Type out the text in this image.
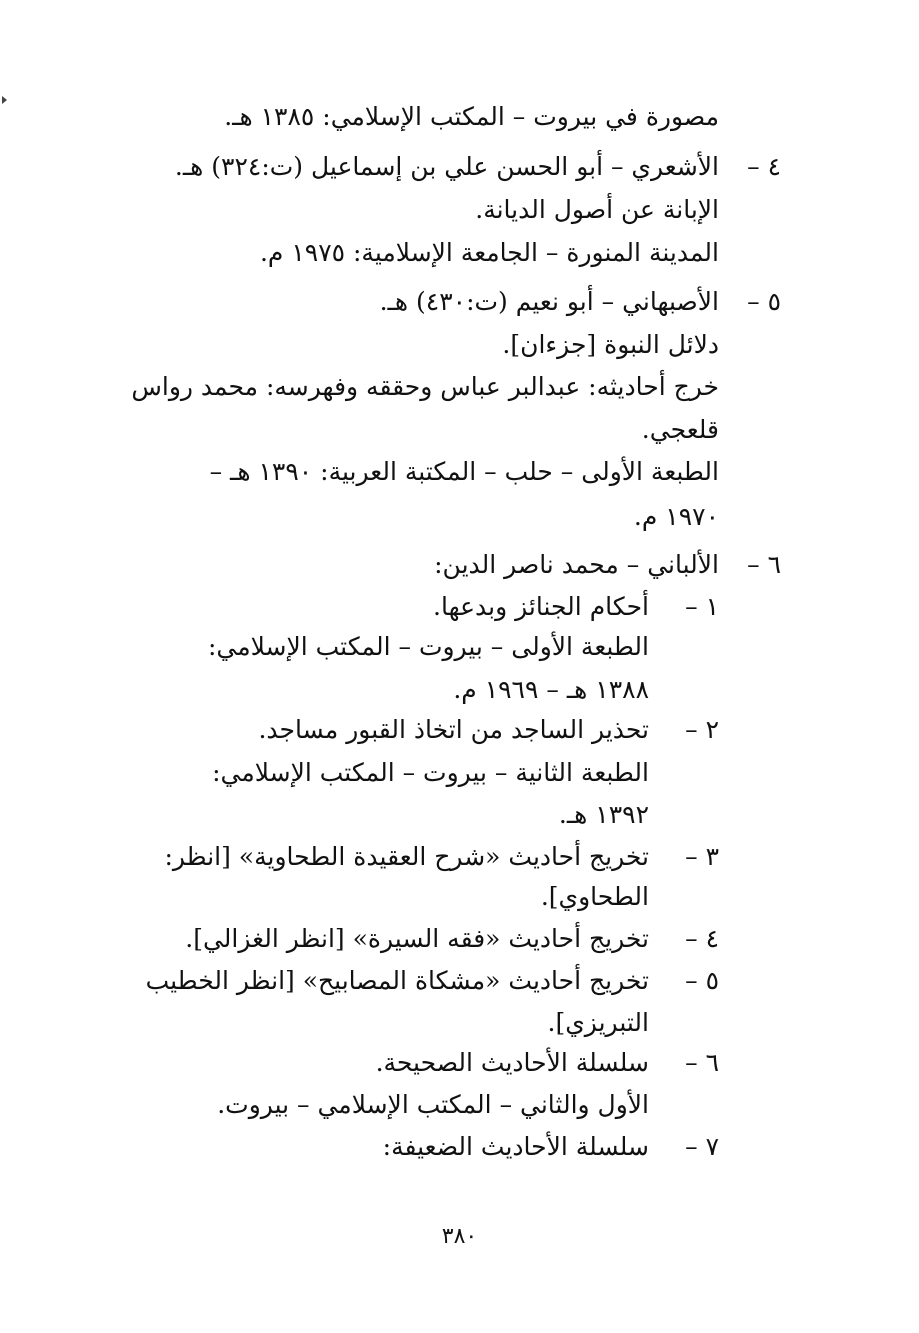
مصورة في بيروت – المكتب الإسلامي: ١٣٨٥ هـ.
٤ –
الأشعري – أبو الحسن علي بن إسماعيل (ت:٣٢٤) هـ.
الإبانة عن أصول الديانة.
المدينة المنورة – الجامعة الإسلامية: ١٩٧٥ م.
٥ –
الأصبهاني – أبو نعيم (ت:٤٣٠) هـ.
دلائل النبوة [جزءان].
خرج أحاديثه: عبدالبر عباس وحققه وفهرسه: محمد رواس
قلعجي.
الطبعة الأولى – حلب – المكتبة العربية: ١٣٩٠ هـ –
١٩٧٠ م.
٦ –
الألباني – محمد ناصر الدين:
١ –
أحكام الجنائز وبدعها.
الطبعة الأولى – بيروت – المكتب الإسلامي:
١٣٨٨ هـ – ١٩٦٩ م.
٢ –
تحذير الساجد من اتخاذ القبور مساجد.
الطبعة الثانية – بيروت – المكتب الإسلامي:
١٣٩٢ هـ.
٣ –
تخريج أحاديث «شرح العقيدة الطحاوية» [انظر:
الطحاوي].
٤ –
تخريج أحاديث «فقه السيرة» [انظر الغزالي].
٥ –
تخريج أحاديث «مشكاة المصابيح» [انظر الخطيب
التبريزي].
٦ –
سلسلة الأحاديث الصحيحة.
الأول والثاني – المكتب الإسلامي – بيروت.
٧ –
سلسلة الأحاديث الضعيفة:
٣٨٠
